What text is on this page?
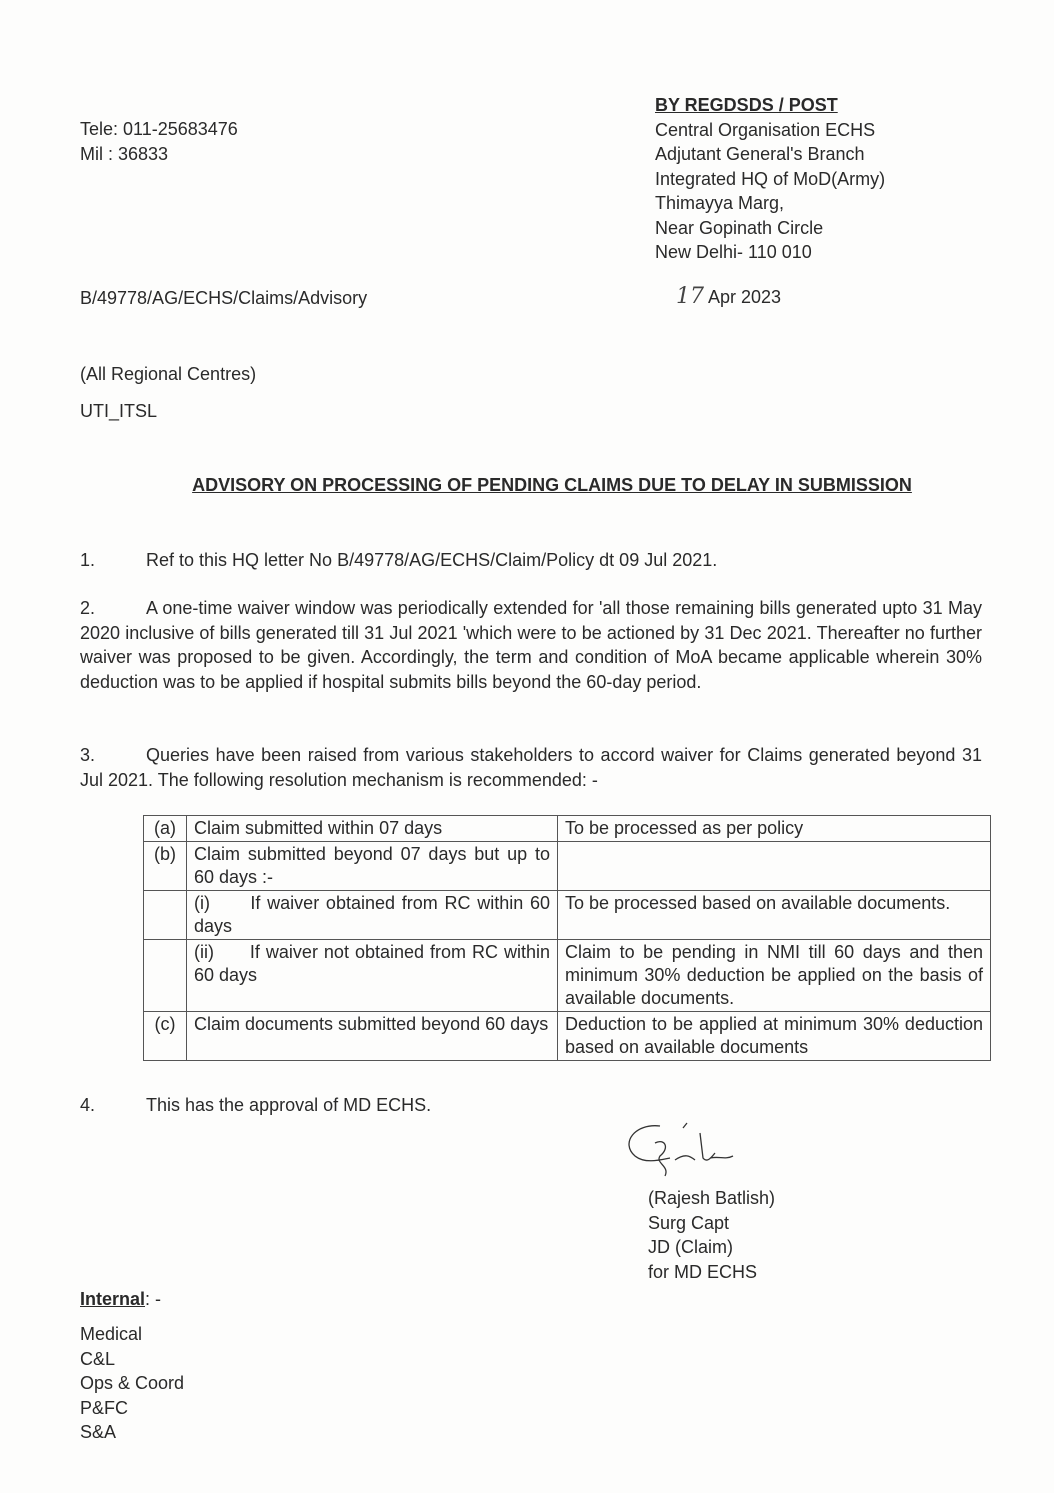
Tele: 011-25683476
Mil : 36833
BY REGDSDS / POST
Central Organisation ECHS
Adjutant General's Branch
Integrated HQ of MoD(Army)
Thimayya Marg,
Near Gopinath Circle
New Delhi- 110 010
B/49778/AG/ECHS/Claims/Advisory	17 Apr 2023
(All Regional Centres)
UTI_ITSL
ADVISORY ON PROCESSING OF PENDING CLAIMS DUE TO DELAY IN SUBMISSION
1.	Ref to this HQ letter No B/49778/AG/ECHS/Claim/Policy dt 09 Jul 2021.
2.	A one-time waiver window was periodically extended for 'all those remaining bills generated upto 31 May 2020 inclusive of bills generated till 31 Jul 2021 'which were to be actioned by 31 Dec 2021. Thereafter no further waiver was proposed to be given. Accordingly, the term and condition of MoA became applicable wherein 30% deduction was to be applied if hospital submits bills beyond the 60-day period.
3.	Queries have been raised from various stakeholders to accord waiver for Claims generated beyond 31 Jul 2021. The following resolution mechanism is recommended: -
(a)	Claim submitted within 07 days	To be processed as per policy
(b)	Claim submitted beyond 07 days but up to 60 days :-	
	(i)      If waiver obtained from RC within 60 days	To be processed based on available documents.
	(ii)      If waiver not obtained from RC within 60 days	Claim to be pending in NMI till 60 days and then minimum 30% deduction be applied on the basis of available documents.
(c)	Claim documents submitted beyond 60 days	Deduction to be applied at minimum 30% deduction based on available documents
4.	This has the approval of MD ECHS.
(Rajesh Batlish)
Surg Capt
JD (Claim)
for MD ECHS
Internal: -
Medical
C&L
Ops & Coord
P&FC
S&A
